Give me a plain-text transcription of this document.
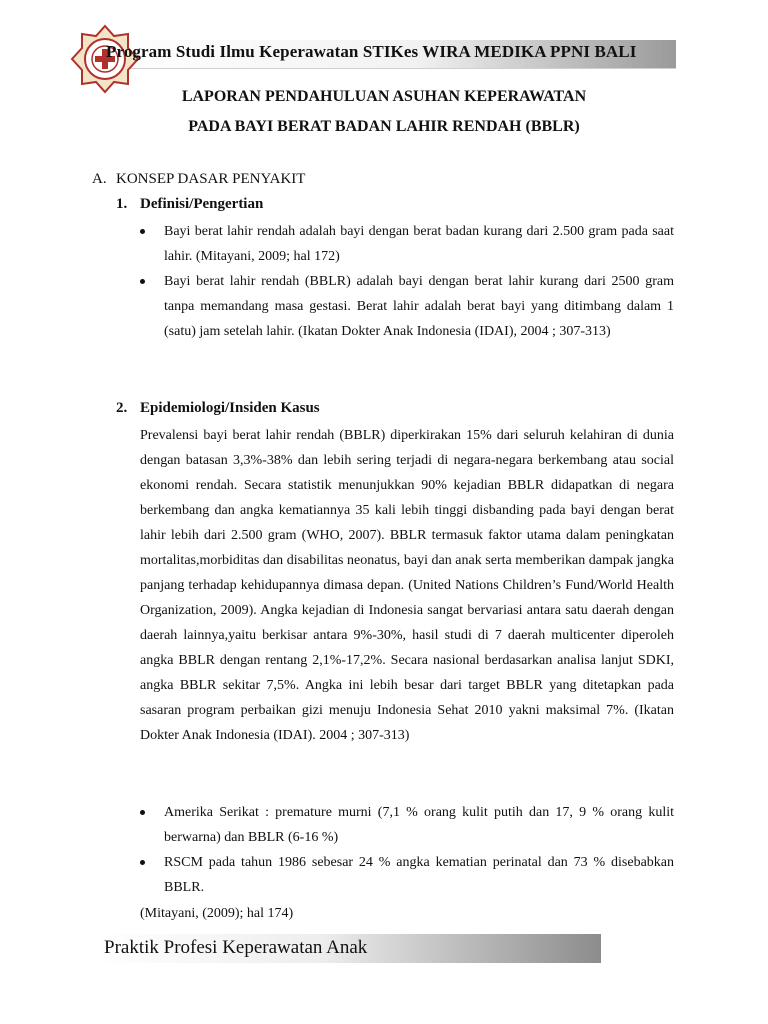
Program Studi Ilmu Keperawatan STIKes WIRA MEDIKA PPNI BALI
LAPORAN PENDAHULUAN ASUHAN KEPERAWATAN
PADA BAYI BERAT BADAN LAHIR RENDAH (BBLR)
A. KONSEP DASAR PENYAKIT
1. Definisi/Pengertian
Bayi berat lahir rendah adalah bayi dengan berat badan kurang dari 2.500 gram pada saat lahir. (Mitayani, 2009; hal 172)
Bayi berat lahir rendah (BBLR) adalah bayi dengan berat lahir kurang dari 2500 gram tanpa memandang masa gestasi. Berat lahir adalah berat bayi yang ditimbang dalam 1 (satu) jam setelah lahir. (Ikatan Dokter Anak Indonesia (IDAI), 2004 ; 307-313)
2. Epidemiologi/Insiden Kasus

Prevalensi bayi berat lahir rendah (BBLR) diperkirakan 15% dari seluruh kelahiran di dunia dengan batasan 3,3%-38% dan lebih sering terjadi di negara-negara berkembang atau social ekonomi rendah. Secara statistik menunjukkan 90% kejadian BBLR didapatkan di negara berkembang dan angka kematiannya 35 kali lebih tinggi disbanding pada bayi dengan berat lahir lebih dari 2.500 gram (WHO, 2007). BBLR termasuk faktor utama dalam peningkatan mortalitas,morbiditas dan disabilitas neonatus, bayi dan anak serta memberikan dampak jangka panjang terhadap kehidupannya dimasa depan. (United Nations Children’s Fund/World Health Organization, 2009). Angka kejadian di Indonesia sangat bervariasi antara satu daerah dengan daerah lainnya,yaitu berkisar antara 9%-30%, hasil studi di 7 daerah multicenter diperoleh angka BBLR dengan rentang 2,1%-17,2%. Secara nasional berdasarkan analisa lanjut SDKI, angka BBLR sekitar 7,5%. Angka ini lebih besar dari target BBLR yang ditetapkan pada sasaran program perbaikan gizi menuju Indonesia Sehat 2010 yakni maksimal 7%. (Ikatan Dokter Anak Indonesia (IDAI). 2004 ; 307-313)

Amerika Serikat : premature murni (7,1 % orang kulit putih dan 17, 9 % orang kulit berwarna) dan BBLR (6-16 %)
RSCM pada tahun 1986 sebesar 24 % angka kematian perinatal dan 73 % disebabkan BBLR.
(Mitayani, (2009); hal 174)
Praktik Profesi Keperawatan Anak
